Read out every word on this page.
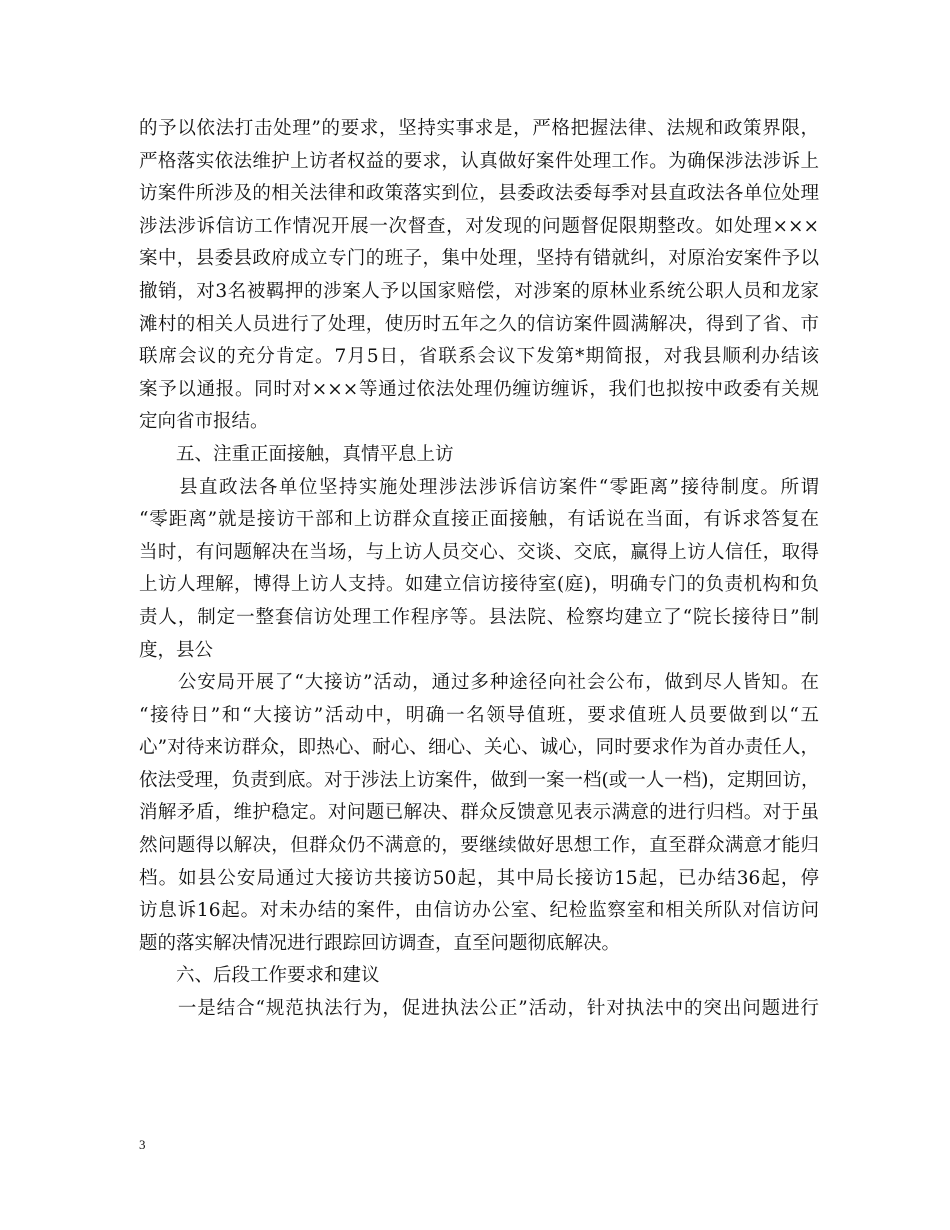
的予以依法打击处理”的要求，坚持实事求是，严格把握法律、法规和政策界限，
严格落实依法维护上访者权益的要求，认真做好案件处理工作。为确保涉法涉诉上
访案件所涉及的相关法律和政策落实到位，县委政法委每季对县直政法各单位处理
涉法涉诉信访工作情况开展一次督查，对发现的问题督促限期整改。如处理×××
案中，县委县政府成立专门的班子，集中处理，坚持有错就纠，对原治安案件予以
撤销，对3名被羁押的涉案人予以国家赔偿，对涉案的原林业系统公职人员和龙家
滩村的相关人员进行了处理，使历时五年之久的信访案件圆满解决，得到了省、市
联席会议的充分肯定。7月5日，省联系会议下发第*期简报，对我县顺利办结该
案予以通报。同时对×××等通过依法处理仍缠访缠诉，我们也拟按中政委有关规
定向省市报结。
　　五、注重正面接触，真情平息上访
　　县直政法各单位坚持实施处理涉法涉诉信访案件“零距离”接待制度。所谓
“零距离”就是接访干部和上访群众直接正面接触，有话说在当面，有诉求答复在
当时，有问题解决在当场，与上访人员交心、交谈、交底，赢得上访人信任，取得
上访人理解，博得上访人支持。如建立信访接待室(庭)，明确专门的负责机构和负
责人，制定一整套信访处理工作程序等。县法院、检察均建立了“院长接待日”制
度，县公
　　公安局开展了“大接访”活动，通过多种途径向社会公布，做到尽人皆知。在
“接待日”和“大接访”活动中，明确一名领导值班，要求值班人员要做到以“五
心”对待来访群众，即热心、耐心、细心、关心、诚心，同时要求作为首办责任人，
依法受理，负责到底。对于涉法上访案件，做到一案一档(或一人一档)，定期回访，
消解矛盾，维护稳定。对问题已解决、群众反馈意见表示满意的进行归档。对于虽
然问题得以解决，但群众仍不满意的，要继续做好思想工作，直至群众满意才能归
档。如县公安局通过大接访共接访50起，其中局长接访15起，已办结36起，停
访息诉16起。对未办结的案件，由信访办公室、纪检监察室和相关所队对信访问
题的落实解决情况进行跟踪回访调查，直至问题彻底解决。
　　六、后段工作要求和建议
　　一是结合“规范执法行为，促进执法公正”活动，针对执法中的突出问题进行
3
